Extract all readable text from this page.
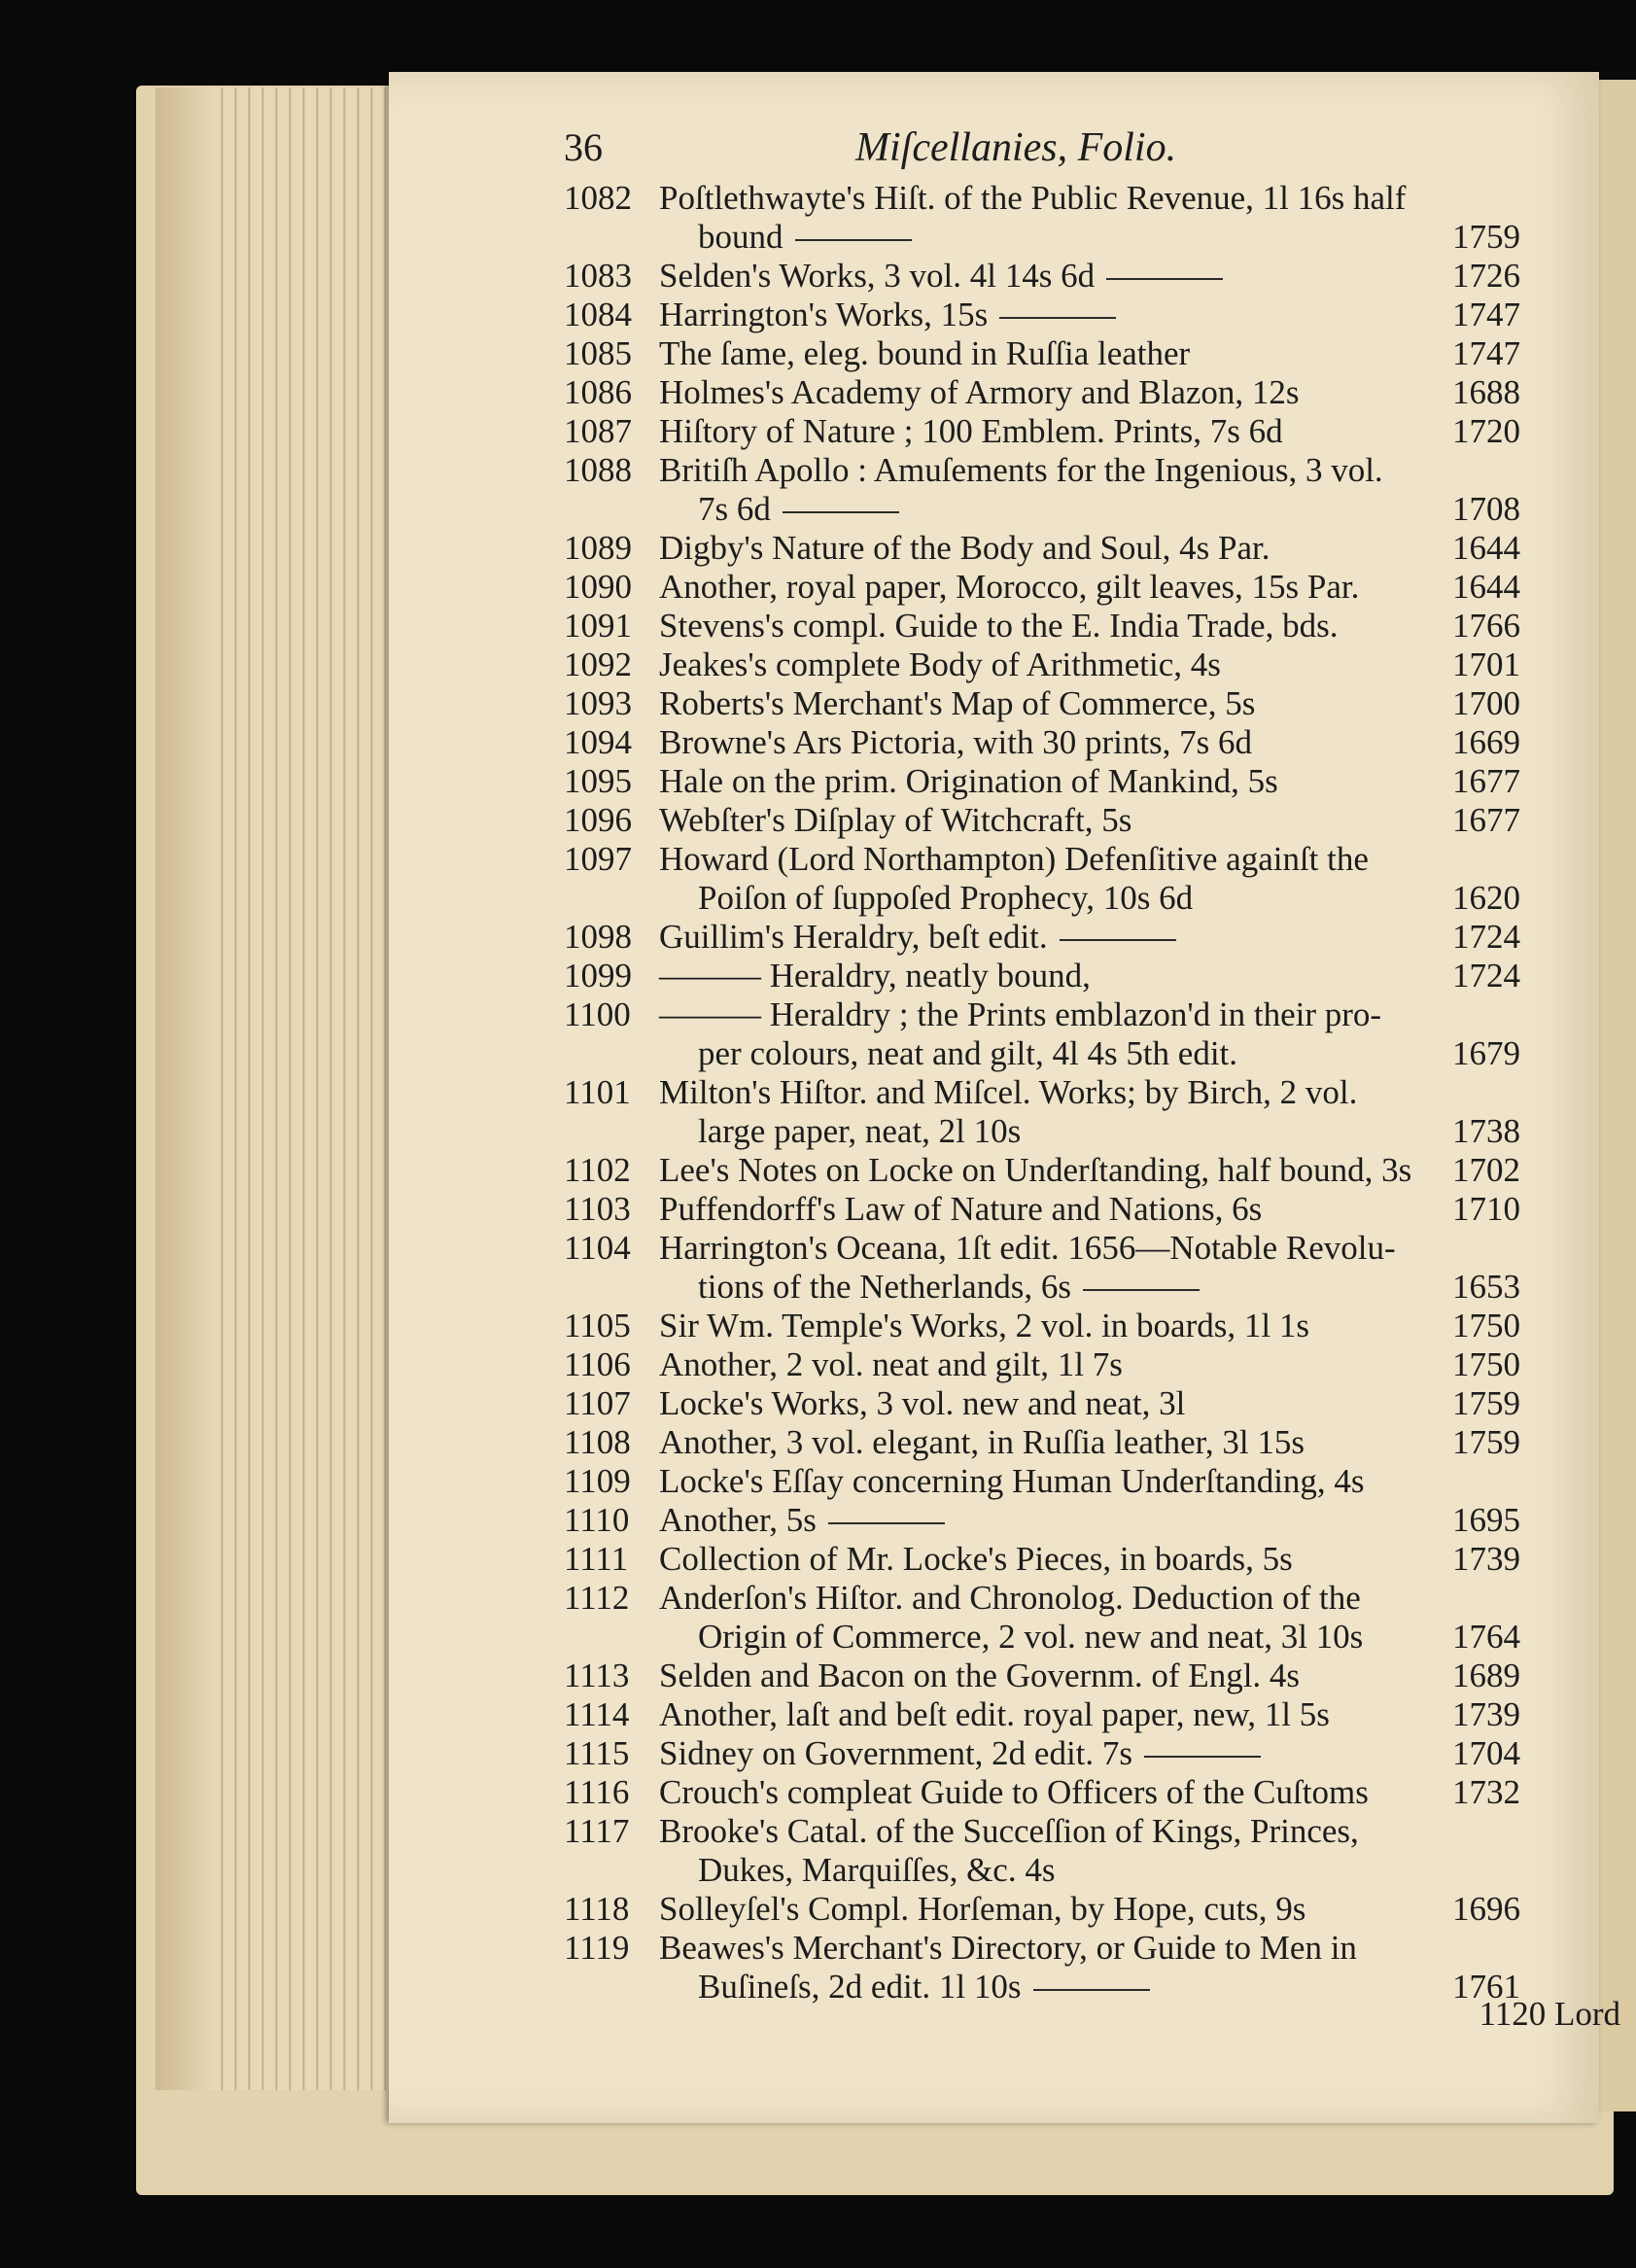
36	Miſcellanies, Folio.
1082 Poſtlethwayte's Hiſt. of the Public Revenue, 1l 16s half
bound	1759
1083 Selden's Works, 3 vol. 4l 14s 6d	1726
1084 Harrington's Works, 15s	1747
1085 The ſame, eleg. bound in Ruſſia leather	1747
1086 Holmes's Academy of Armory and Blazon, 12s	1688
1087 Hiſtory of Nature ; 100 Emblem. Prints, 7s 6d	1720
1088 Britiſh Apollo : Amuſements for the Ingenious, 3 vol.
7s 6d	1708
1089 Digby's Nature of the Body and Soul, 4s Par.	1644
1090 Another, royal paper, Morocco, gilt leaves, 15s Par.	1644
1091 Stevens's compl. Guide to the E. India Trade, bds.	1766
1092 Jeakes's complete Body of Arithmetic, 4s	1701
1093 Roberts's Merchant's Map of Commerce, 5s	1700
1094 Browne's Ars Pictoria, with 30 prints, 7s 6d	1669
1095 Hale on the prim. Origination of Mankind, 5s	1677
1096 Webſter's Diſplay of Witchcraft, 5s	1677
1097 Howard (Lord Northampton) Defenſitive againſt the
Poiſon of ſuppoſed Prophecy, 10s 6d	1620
1098 Guillim's Heraldry, beſt edit.	1724
1099 ——— Heraldry, neatly bound,	1724
1100 ——— Heraldry ; the Prints emblazon'd in their pro-
per colours, neat and gilt, 4l 4s 5th edit.	1679
1101 Milton's Hiſtor. and Miſcel. Works; by Birch, 2 vol.
large paper, neat, 2l 10s	1738
1102 Lee's Notes on Locke on Underſtanding, half bound, 3s 1702
1103 Puffendorff's Law of Nature and Nations, 6s	1710
1104 Harrington's Oceana, 1ſt edit. 1656—Notable Revolu-
tions of the Netherlands, 6s	1653
1105 Sir Wm. Temple's Works, 2 vol. in boards, 1l 1s	1750
1106 Another, 2 vol. neat and gilt, 1l 7s	1750
1107 Locke's Works, 3 vol. new and neat, 3l	1759
1108 Another, 3 vol. elegant, in Ruſſia leather, 3l 15s	1759
1109 Locke's Eſſay concerning Human Underſtanding, 4s
1110 Another, 5s	1695
1111 Collection of Mr. Locke's Pieces, in boards, 5s	1739
1112 Anderſon's Hiſtor. and Chronolog. Deduction of the
Origin of Commerce, 2 vol. new and neat, 3l 10s	1764
1113 Selden and Bacon on the Governm. of Engl. 4s	1689
1114 Another, laſt and beſt edit. royal paper, new, 1l 5s	1739
1115 Sidney on Government, 2d edit. 7s	1704
1116 Crouch's compleat Guide to Officers of the Cuſtoms 1732
1117 Brooke's Catal. of the Succeſſion of Kings, Princes,
Dukes, Marquiſſes, &c. 4s
1118 Solleyſel's Compl. Horſeman, by Hope, cuts, 9s	1696
1119 Beawes's Merchant's Directory, or Guide to Men in
Buſineſs, 2d edit. 1l 10s	1761
1120 Lord
